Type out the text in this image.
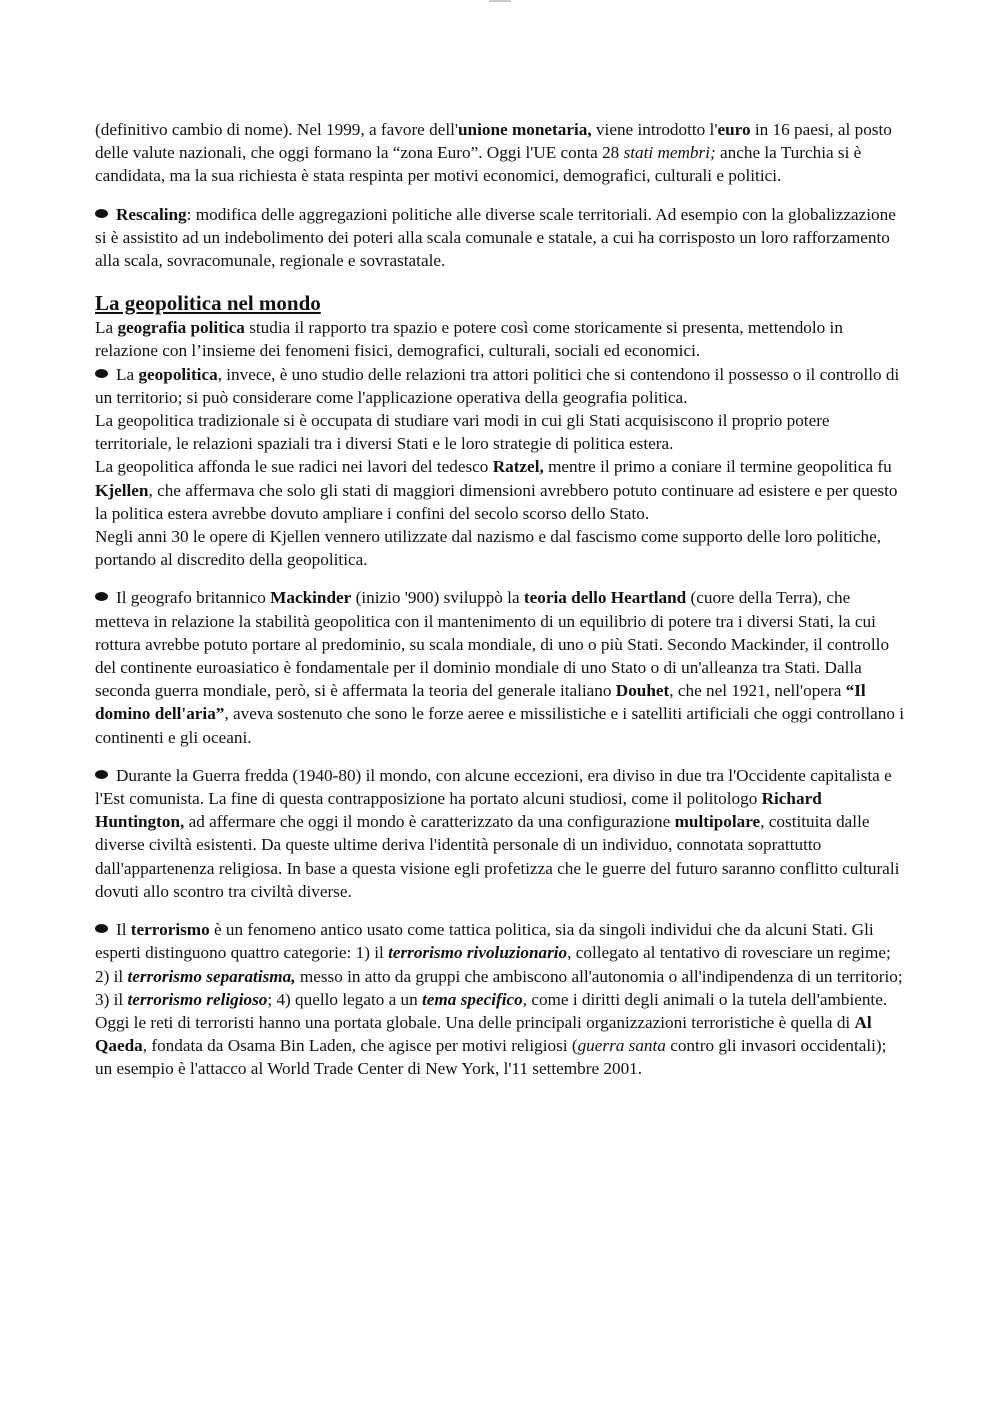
(definitivo cambio di nome). Nel 1999, a favore dell'unione monetaria, viene introdotto l'euro in 16 paesi, al posto delle valute nazionali, che oggi formano la “zona Euro”. Oggi l'UE conta 28 stati membri; anche la Turchia si è candidata, ma la sua richiesta è stata respinta per motivi economici, demografici, culturali e politici.

Rescaling: modifica delle aggregazioni politiche alle diverse scale territoriali. Ad esempio con la globalizzazione si è assistito ad un indebolimento dei poteri alla scala comunale e statale, a cui ha corrisposto un loro rafforzamento alla scala, sovracomunale, regionale e sovrastatale.

La geopolitica nel mondo

La geografia politica studia il rapporto tra spazio e potere così come storicamente si presenta, mettendolo in relazione con l’insieme dei fenomeni fisici, demografici, culturali, sociali ed economici.

La geopolitica, invece, è uno studio delle relazioni tra attori politici che si contendono il possesso o il controllo di un territorio; si può considerare come l'applicazione operativa della geografia politica.

La geopolitica tradizionale si è occupata di studiare vari modi in cui gli Stati acquisiscono il proprio potere territoriale, le relazioni spaziali tra i diversi Stati e le loro strategie di politica estera.

La geopolitica affonda le sue radici nei lavori del tedesco Ratzel, mentre il primo a coniare il termine geopolitica fu Kjellen, che affermava che solo gli stati di maggiori dimensioni avrebbero potuto continuare ad esistere e per questo la politica estera avrebbe dovuto ampliare i confini del secolo scorso dello Stato.

Negli anni 30 le opere di Kjellen vennero utilizzate dal nazismo e dal fascismo come supporto delle loro politiche, portando al discredito della geopolitica.

Il geografo britannico Mackinder (inizio '900) sviluppò la teoria dello Heartland (cuore della Terra), che metteva in relazione la stabilità geopolitica con il mantenimento di un equilibrio di potere tra i diversi Stati, la cui rottura avrebbe potuto portare al predominio, su scala mondiale, di uno o più Stati. Secondo Mackinder, il controllo del continente euroasiatico è fondamentale per il dominio mondiale di uno Stato o di un'alleanza tra Stati. Dalla seconda guerra mondiale, però, si è affermata la teoria del generale italiano Douhet, che nel 1921, nell'opera “Il domino dell'aria”, aveva sostenuto che sono le forze aeree e missilistiche e i satelliti artificiali che oggi controllano i continenti e gli oceani.

Durante la Guerra fredda (1940-80) il mondo, con alcune eccezioni, era diviso in due tra l'Occidente capitalista e l'Est comunista. La fine di questa contrapposizione ha portato alcuni studiosi, come il politologo Richard Huntington, ad affermare che oggi il mondo è caratterizzato da una configurazione multipolare, costituita dalle diverse civiltà esistenti. Da queste ultime deriva l'identità personale di un individuo, connotata soprattutto dall'appartenenza religiosa. In base a questa visione egli profetizza che le guerre del futuro saranno conflitto culturali dovuti allo scontro tra civiltà diverse.

Il terrorismo è un fenomeno antico usato come tattica politica, sia da singoli individui che da alcuni Stati. Gli esperti distinguono quattro categorie: 1) il terrorismo rivoluzionario, collegato al tentativo di rovesciare un regime; 2) il terrorismo separatisma, messo in atto da gruppi che ambiscono all'autonomia o all'indipendenza di un territorio; 3) il terrorismo religioso; 4) quello legato a un tema specifico, come i diritti degli animali o la tutela dell'ambiente. Oggi le reti di terroristi hanno una portata globale. Una delle principali organizzazioni terroristiche è quella di Al Qaeda, fondata da Osama Bin Laden, che agisce per motivi religiosi (guerra santa contro gli invasori occidentali); un esempio è l'attacco al World Trade Center di New York, l'11 settembre 2001.
